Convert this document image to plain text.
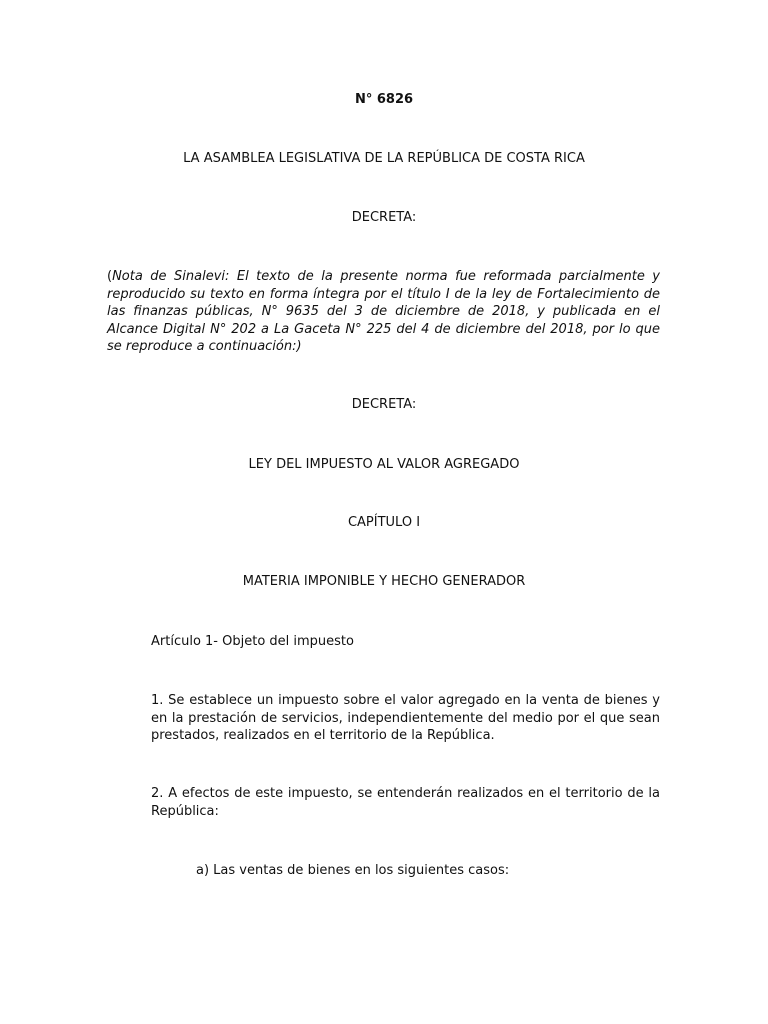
N° 6826
LA ASAMBLEA LEGISLATIVA DE LA REPÚBLICA DE COSTA RICA
DECRETA:
(Nota de Sinalevi: El texto de la presente norma fue reformada parcialmente y reproducido su texto en forma íntegra por el título I de la ley de Fortalecimiento de las finanzas públicas, N° 9635 del 3 de diciembre de 2018, y publicada en el Alcance Digital N° 202 a La Gaceta N° 225 del 4 de diciembre del 2018, por lo que se reproduce a continuación:)
DECRETA:
LEY DEL IMPUESTO AL VALOR AGREGADO
CAPÍTULO I
MATERIA IMPONIBLE Y HECHO GENERADOR
Artículo 1- Objeto del impuesto
1. Se establece un impuesto sobre el valor agregado en la venta de bienes y en la prestación de servicios, independientemente del medio por el que sean prestados, realizados en el territorio de la República.
2. A efectos de este impuesto, se entenderán realizados en el territorio de la República:
a) Las ventas de bienes en los siguientes casos:
